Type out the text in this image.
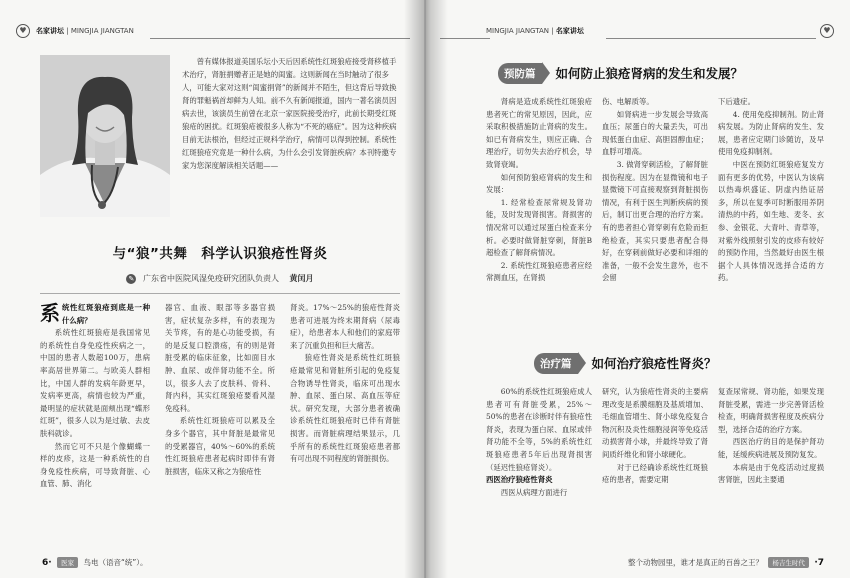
♥	名家讲坛 | MINGJIA JIANGTAN
曾有媒体报道美国乐坛小天后因系统性红斑狼疮接受肾移植手术治疗，肾脏捐赠者正是她的闺蜜。这则新闻在当时触动了很多人，可能大家对这则“闺蜜捐肾”的新闻并不陌生，但这背后导致换肾的罪魁祸首却鲜为人知。前不久有新闻报道，国内一著名演员因病去世，该演员生前曾在北京一家医院接受治疗，此前长期受红斑狼疮的困扰。红斑狼疮被很多人称为“不死的癌症”。因为这种疾病目前无法根治，但经过正规科学治疗，病情可以得到控制。系统性红斑狼疮究竟是一种什么病，为什么会引发肾脏疾病？本刊特邀专家为您深度解读相关话题——
与“狼”共舞　科学认识狼疮性肾炎
✎ 广东省中医院风湿免疫研究团队负责人 黄闰月

系 统性红斑狼疮到底是一种什么病？

系统性红斑狼疮是我国常见的系统性自身免疫性疾病之一，中国的患者人数超100万，患病率高居世界第二。与欧美人群相比，中国人群的发病年龄更早，发病率更高，病情也较为严重，最明显的症状就是面颊出现“蝶形红斑”，很多人以为是过敏、去皮肤科就诊。

然而它可不只是个像蝴蝶一样的皮疹，这是一种系统性的自身免疫性疾病，可导致肾脏、心血管、肺、消化

器官、血液、眼部等多器官损害，症状复杂多样，有的表现为关节疼，有的是心功能受损，有的是反复口腔溃疡，有的则是肾脏受累的临床征象，比如面目水肿、血尿、或伴肾功能不全。所以，很多人去了皮肤科、骨科、肾内科，其实红斑狼疮要看风湿免疫科。

系统性红斑狼疮可以累及全身多个器官，其中肾脏是最常见的受累器官，40%～60%的系统性红斑狼疮患者起病时即伴有肾脏损害，临床又称之为狼疮性

肾炎。17%～25%的狼疮性肾炎患者可进展为终末期肾病（尿毒症），给患者本人和他们的家庭带来了沉重负担和巨大痛苦。

狼疮性肾炎是系统性红斑狼疮最常见和肾脏所引起的免疫复合物诱导性肾炎，临床可出现水肿、血尿、蛋白尿、高血压等症状。研究发现，大部分患者被确诊系统性红斑狼疮时已伴有肾脏损害。而肾脏病理结果显示，几乎所有的系统性红斑狼疮患者都有可出现不同程度的肾脏损伤。

6· 医家 鸟电（语音“统”）。
MINGJIA JIANGTAN | 名家讲坛	♥
预防篇	如何防止狼疮肾病的发生和发展？

肾病是造成系统性红斑狼疮患者死亡的常见原因，因此，应采取积极措施防止肾病的发生。如已有肾病发生，则应正确、合理治疗，切勿失去治疗机会，导致肾衰竭。

如何预防狼疮肾病的发生和发展：

1. 经常检查尿常规及肾功能，及时发现肾损害。肾损害的情况常可以通过尿蛋白检查来分析。必要时做肾脏穿刺，肾脏B超检查了解肾病情况。

2. 系统性红斑狼疮患者应经常测血压，在肾损

伤、电解质等。

如肾病进一步发展会导致高血压；尿蛋白的大量丢失，可出现低蛋白血症、高胆固醇血症；血脬可增高。

3. 做肾穿刺活检，了解肾脏损伤程度。因为在显微镜和电子显微镜下可直接观察到肾脏损伤情况，有利于医生判断疾病的预后，制订出更合理的治疗方案。有的患者担心肾穿刺有危险而拒绝检查，其实只要患者配合得好，在穿刺前做好必要和详细的准备，一般不会发生意外，也不会留

下后遗症。

4. 使用免疫抑制剂。防止肾病发展。为防止肾病的发生、发展，患者应定期门诊随访，及早使用免疫抑制剂。

中医在预防红斑狼疮复发方面有更多的优势，中医认为该病以热毒炽盛证、阴虚内热证居多，所以在复季可时断服用养阴清热的中药，如生地、麦冬、玄参、金银花、大青叶、青草等，对紫外线照射引发的皮疹有较好的预防作用，当然最好由医生根据个人具体情况选择合适的方药。

治疗篇	如何治疗狼疮性肾炎？

60%的系统性红斑狼疮成人患者可有肾脏受累，25%～50%的患者在诊断时伴有狼疮性肾炎，表现为蛋白尿、血尿或伴肾功能不全等，5%的系统性红斑狼疮患者5年后出现肾损害（延迟性狼疮肾炎）。

西医治疗狼疮性肾炎

西医从病理方面进行

研究，认为狼疮性肾炎的主要病理改变是系膜细胞及基质增加、毛细血管增生、肾小球免疫复合物沉积及炎性细胞浸润等免疫活动损害肾小球，并最终导致了肾间质纤维化和肾小球硬化。

对于已经确诊系统性红斑狼疮的患者，需要定期

复查尿常规、肾功能，如果发现肾脏受累，需进一步完善肾活检检查，明确肾损害程度及疾病分型，选择合适的治疗方案。

西医治疗的目的是保护肾功能，延缓疾病进展及预防复发。

本病是由于免疫活动过度损害肾脏，因此主要通

整个动物园里，谁才是真正的百兽之王？ 杨吉生时代 ·7
